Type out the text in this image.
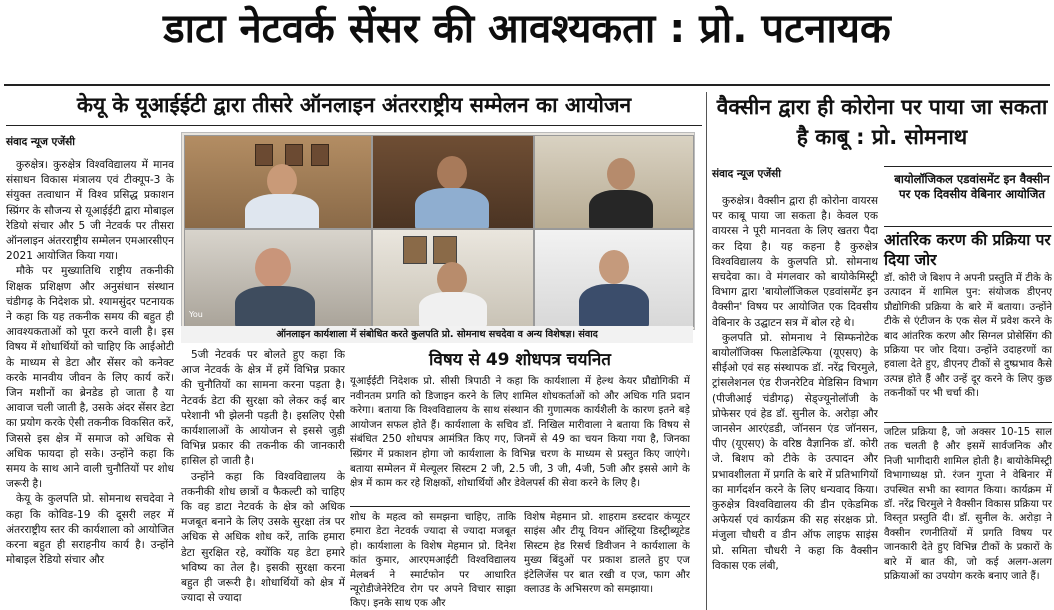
डाटा नेटवर्क सेंसर की आवश्यकता : प्रो. पटनायक
केयू के यूआईईटी द्वारा तीसरे ऑनलाइन अंतरराष्ट्रीय सम्मेलन का आयोजन	वैक्सीन द्वारा ही कोरोना पर पाया जा सकता है काबू : प्रो. सोमनाथ
संवाद न्यूज एजेंसी

कुरुक्षेत्र। कुरुक्षेत्र विश्वविद्यालय में मानव संसाधन विकास मंत्रालय एवं टीक्यूप-3 के संयुक्त तत्वाधान में विश्व प्रसिद्ध प्रकाशन स्प्रिंगर के सौजन्य से यूआईईटी द्वारा मोबाइल रेडियो संचार और 5 जी नेटवर्क पर तीसरा ऑनलाइन अंतरराष्ट्रीय सम्मेलन एमआरसीएन 2021 आयोजित किया गया।

मौके पर मुख्यातिथि राष्ट्रीय तकनीकी शिक्षक प्रशिक्षण और अनुसंधान संस्थान चंडीगढ़ के निदेशक प्रो. श्यामसुंदर पटनायक ने कहा कि यह तकनीक समय की बहुत ही आवश्यकताओं को पूरा करने वाली है। इस विषय में शोधार्थियों को चाहिए कि आईओटी के माध्यम से डेटा और सेंसर को कनेक्ट करके मानवीय जीवन के लिए कार्य करें। जिन मशीनों का ब्रेनडेड हो जाता है या आवाज चली जाती है, उसके अंदर सेंसर डेटा का प्रयोग करके ऐसी तकनीक विकसित करें, जिससे इस क्षेत्र में समाज को अधिक से अधिक फायदा हो सके। उन्होंने कहा कि समय के साथ आने वाली चुनौतियों पर शोध जरूरी है।

केयू के कुलपति प्रो. सोमनाथ सचदेवा ने कहा कि कोविड-19 की दूसरी लहर में अंतरराष्ट्रीय स्तर की कार्यशाला को आयोजित करना बहुत ही सराहनीय कार्य है। उन्होंने मोबाइल रेडियो संचार और

You
ऑनलाइन कार्यशाला में संबोधित करते कुलपति प्रो. सोमनाथ सचदेवा व अन्य विशेषज्ञ। संवाद

5जी नेटवर्क पर बोलते हुए कहा कि आज नेटवर्क के क्षेत्र में हमें विभिन्न प्रकार की चुनौतियों का सामना करना पड़ता है। नेटवर्क डेटा की सुरक्षा को लेकर कई बार परेशानी भी झेलनी पड़ती है। इसलिए ऐसी कार्यशालाओं के आयोजन से इससे जुड़ी विभिन्न प्रकार की तकनीक की जानकारी हासिल हो जाती है।

उन्होंने कहा कि विश्वविद्यालय के तकनीकी शोध छात्रों व फैकल्टी को चाहिए कि वह डाटा नेटवर्क के क्षेत्र को अधिक मजबूत बनाने के लिए उसके सुरक्षा तंत्र पर अधिक से अधिक शोध करें, ताकि हमारा डेटा सुरक्षित रहे, क्योंकि यह डेटा हमारे भविष्य का तेल है। इसकी सुरक्षा करना बहुत ही जरूरी है। शोधार्थियों को क्षेत्र में ज्यादा से ज्यादा

विषय से 49 शोधपत्र चयनित
यूआईईटी निदेशक प्रो. सीसी त्रिपाठी ने कहा कि कार्यशाला में हेल्थ केयर प्रौद्योगिकी में नवीनतम प्रगति को डिजाइन करने के लिए शामिल शोधकर्ताओं को और अधिक गति प्रदान करेगा। बताया कि विश्वविद्यालय के साथ संस्थान की गुणात्मक कार्यशैली के कारण इतने बड़े आयोजन सफल होते हैं। कार्यशाला के सचिव डॉ. निखिल मारीवाला ने बताया कि विषय से संबंधित 250 शोधपत्र आमंत्रित किए गए, जिनमें से 49 का चयन किया गया है, जिनका स्प्रिंगर में प्रकाशन होगा जो कार्यशाला के विभिन्न चरण के माध्यम से प्रस्तुत किए जाएंगे। बताया सम्मेलन में मेल्यूलर सिस्टम 2 जी, 2.5 जी, 3 जी, 4जी, 5जी और इससे आगे के क्षेत्र में काम कर रहे शिक्षकों, शोधार्थियों और डेवेलपर्स की सेवा करने के लिए है।
शोध के महत्व को समझना चाहिए, ताकि हमारा डेटा नेटवर्क ज्यादा से ज्यादा मजबूत हो। कार्यशाला के विशेष मेहमान प्रो. दिनेश कांत कुमार, आरएमआईटी विश्वविद्यालय मेलबर्न ने स्मार्टफोन पर आधारित न्यूरोडीजेनेरेटिव रोग पर अपने विचार साझा किए। इनके साथ एक और
विशेष मेहमान प्रो. शाहराम डस्टदार कंप्यूटर साइंस और टीयू वियन ऑस्ट्रिया डिस्ट्रीब्यूटेड सिस्टम हेड रिसर्च डिवीजन ने कार्यशाला के मुख्य बिंदुओं पर प्रकाश डालते हुए एज इंटेलिजेंस पर बात रखी व एज, फाग और क्लाउड के अभिसरण को समझाया।
संवाद न्यूज एजेंसी

कुरुक्षेत्र। वैक्सीन द्वारा ही कोरोना वायरस पर काबू पाया जा सकता है। केवल एक वायरस ने पूरी मानवता के लिए खतरा पैदा कर दिया है। यह कहना है कुरुक्षेत्र विश्वविद्यालय के कुलपति प्रो. सोमनाथ सचदेवा का। वे मंगलवार को बायोकेमिस्ट्री विभाग द्वारा 'बायोलॉजिकल एडवांसमेंट इन वैक्सीन' विषय पर आयोजित एक दिवसीय वेबिनार के उद्घाटन सत्र में बोल रहे थे।

कुलपति प्रो. सोमनाथ ने सिम्फनोटेक बायोलॉजिक्स फिलाडेल्फिया (यूएसए) के सीईओ एवं सह संस्थापक डॉ. नरेंद्र चिरमुले, ट्रांसलेशनल एंड रीजनरेटिव मेडिसिन विभाग (पीजीआई चंडीगढ़) सेड्ज्यूनोलॉजी के प्रोफेसर एवं हेड डॉ. सुनील के. अरोड़ा और जानसेन आरएंडडी, जॉनसन एंड जॉनसन, पीए (यूएसए) के वरिष्ठ वैज्ञानिक डॉ. कोरी जे. बिशप को टीके के उत्पादन और प्रभावशीलता में प्रगति के बारे में प्रतिभागियों का मार्गदर्शन करने के लिए धन्यवाद किया। कुरुक्षेत्र विश्वविद्यालय की डीन एकेडमिक अफेयर्स एवं कार्यक्रम की सह संरक्षक प्रो. मंजुला चौधरी व डीन ऑफ लाइफ साइंस प्रो. समिता चौधरी ने कहा कि वैक्सीन विकास एक लंबी,

बायोलॉजिकल एडवांसमेंट इन वैक्सीन पर एक दिवसीय वेबिनार आयोजित
आंतरिक करण की प्रक्रिया पर दिया जोर
डॉ. कोरी जे बिशप ने अपनी प्रस्तुति में टीके के उत्पादन में शामिल पुन: संयोजक डीएनए प्रौद्योगिकी प्रक्रिया के बारे में बताया। उन्होंने टीके से एंटीजन के एक सेल में प्रवेश करने के बाद आंतरिक करण और सिग्नल प्रोसेसिंग की प्रक्रिया पर जोर दिया। उन्होंने उदाहरणों का हवाला देते हुए, डीएनए टीकों से दुष्प्रभाव कैसे उत्पन्न होते हैं और उन्हें दूर करने के लिए कुछ तकनीकों पर भी चर्चा की।
जटिल प्रक्रिया है, जो अक्सर 10-15 साल तक चलती है और इसमें सार्वजनिक और निजी भागीदारी शामिल होती है। बायोकेमिस्ट्री विभागाध्यक्ष प्रो. रंजन गुप्ता ने वेबिनार में उपस्थित सभी का स्वागत किया। कार्यक्रम में डॉ. नरेंद्र चिरमुले ने वैक्सीन विकास प्रक्रिया पर विस्तृत प्रस्तुति दी। डॉ. सुनील के. अरोड़ा ने वैक्सीन रणनीतियों में प्रगति विषय पर जानकारी देते हुए विभिन्न टीकों के प्रकारों के बारे में बात की, जो कई अलग-अलग प्रक्रियाओं का उपयोग करके बनाए जाते हैं।
